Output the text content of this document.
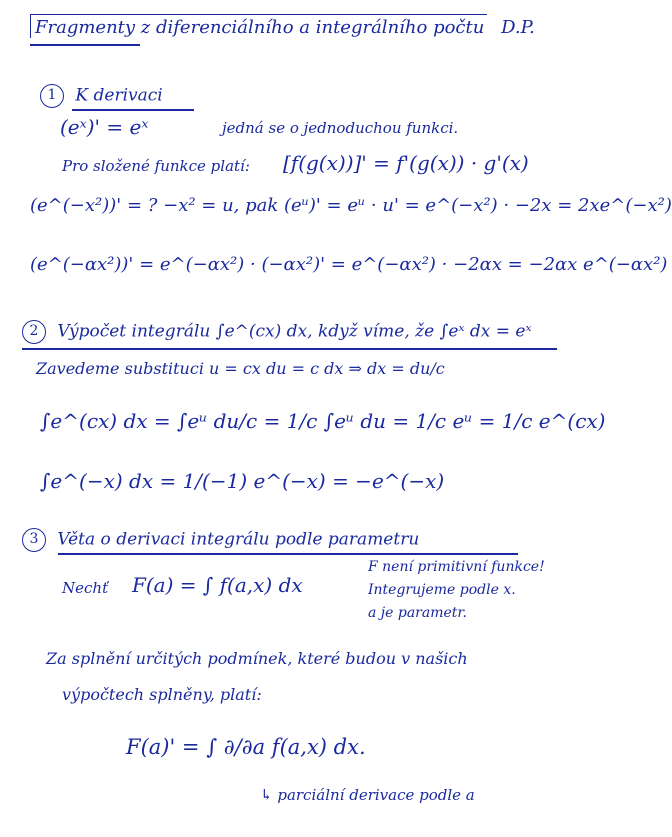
Fragmenty z diferenciálního a integrálního počtu D.P.
1 K derivaci
(eˣ)' = eˣ	jedná se o jednoduchou funkci.
Pro složené funkce platí: [f(g(x))]' = f'(g(x)) · g'(x)
(e^(−x²))' = ? −x² = u, pak (eᵘ)' = eᵘ · u' = e^(−x²) · −2x = 2xe^(−x²)
(e^(−αx²))' = e^(−αx²) · (−αx²)' = e^(−αx²) · −2αx = −2αx e^(−αx²)
2 Výpočet integrálu ∫e^(cx) dx, když víme, že ∫eˣ dx = eˣ
Zavedeme substituci u = cx du = c dx ⇒ dx = du/c
∫e^(cx) dx = ∫eᵘ du/c = 1/c ∫eᵘ du = 1/c eᵘ = 1/c e^(cx)
∫e^(−x) dx = 1/(−1) e^(−x) = −e^(−x)
3 Věta o derivaci integrálu podle parametru
Nechť F(a) = ∫ f(a,x) dx
F není primitivní funkce!
Integrujeme podle x.
a je parametr.
Za splnění určitých podmínek, které budou v našich
výpočtech splněny, platí:
F(a)' = ∫ ∂/∂a f(a,x) dx.
↳ parciální derivace podle a
